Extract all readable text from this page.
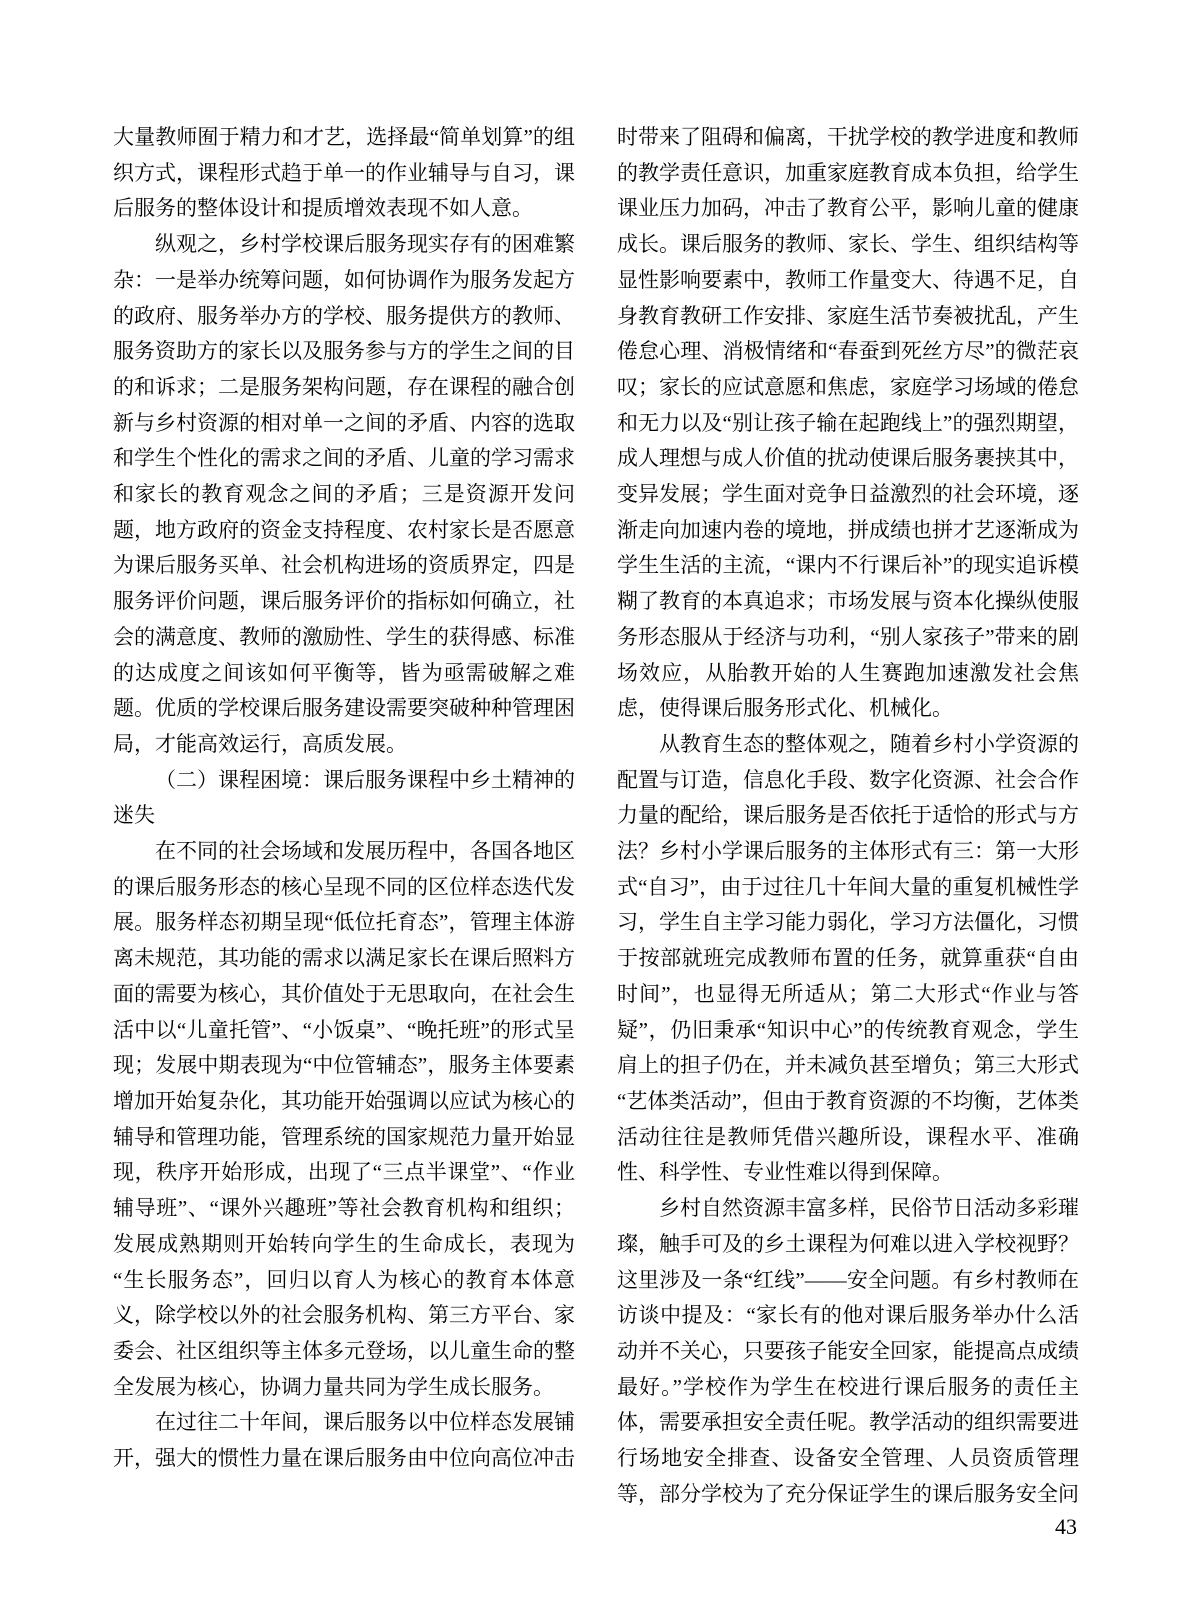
大量教师囿于精力和才艺，选择最“简单划算”的组织方式，课程形式趋于单一的作业辅导与自习，课后服务的整体设计和提质增效表现不如人意。

纵观之，乡村学校课后服务现实存有的困难繁杂：一是举办统筹问题，如何协调作为服务发起方的政府、服务举办方的学校、服务提供方的教师、服务资助方的家长以及服务参与方的学生之间的目的和诉求；二是服务架构问题，存在课程的融合创新与乡村资源的相对单一之间的矛盾、内容的选取和学生个性化的需求之间的矛盾、儿童的学习需求和家长的教育观念之间的矛盾；三是资源开发问题，地方政府的资金支持程度、农村家长是否愿意为课后服务买单、社会机构进场的资质界定，四是服务评价问题，课后服务评价的指标如何确立，社会的满意度、教师的激励性、学生的获得感、标准的达成度之间该如何平衡等，皆为亟需破解之难题。优质的学校课后服务建设需要突破种种管理困局，才能高效运行，高质发展。

（二）课程困境：课后服务课程中乡土精神的迷失

在不同的社会场域和发展历程中，各国各地区的课后服务形态的核心呈现不同的区位样态迭代发展。服务样态初期呈现“低位托育态”，管理主体游离未规范，其功能的需求以满足家长在课后照料方面的需要为核心，其价值处于无思取向，在社会生活中以“儿童托管”、“小饭桌”、“晚托班”的形式呈现；发展中期表现为“中位管辅态”，服务主体要素增加开始复杂化，其功能开始强调以应试为核心的辅导和管理功能，管理系统的国家规范力量开始显现，秩序开始形成，出现了“三点半课堂”、“作业辅导班”、“课外兴趣班”等社会教育机构和组织；发展成熟期则开始转向学生的生命成长，表现为“生长服务态”，回归以育人为核心的教育本体意义，除学校以外的社会服务机构、第三方平台、家委会、社区组织等主体多元登场，以儿童生命的整全发展为核心，协调力量共同为学生成长服务。

在过往二十年间，课后服务以中位样态发展铺开，强大的惯性力量在课后服务由中位向高位冲击

时带来了阻碍和偏离，干扰学校的教学进度和教师的教学责任意识，加重家庭教育成本负担，给学生课业压力加码，冲击了教育公平，影响儿童的健康成长。课后服务的教师、家长、学生、组织结构等显性影响要素中，教师工作量变大、待遇不足，自身教育教研工作安排、家庭生活节奏被扰乱，产生倦怠心理、消极情绪和“春蚕到死丝方尽”的微茫哀叹；家长的应试意愿和焦虑，家庭学习场域的倦怠和无力以及“别让孩子输在起跑线上”的强烈期望，成人理想与成人价值的扰动使课后服务裹挟其中，变异发展；学生面对竞争日益激烈的社会环境，逐渐走向加速内卷的境地，拼成绩也拼才艺逐渐成为学生生活的主流，“课内不行课后补”的现实追诉模糊了教育的本真追求；市场发展与资本化操纵使服务形态服从于经济与功利，“别人家孩子”带来的剧场效应，从胎教开始的人生赛跑加速激发社会焦虑，使得课后服务形式化、机械化。

从教育生态的整体观之，随着乡村小学资源的配置与订造，信息化手段、数字化资源、社会合作力量的配给，课后服务是否依托于适恰的形式与方法？乡村小学课后服务的主体形式有三：第一大形式“自习”，由于过往几十年间大量的重复机械性学习，学生自主学习能力弱化，学习方法僵化，习惯于按部就班完成教师布置的任务，就算重获“自由时间”，也显得无所适从；第二大形式“作业与答疑”，仍旧秉承“知识中心”的传统教育观念，学生肩上的担子仍在，并未减负甚至增负；第三大形式“艺体类活动”，但由于教育资源的不均衡，艺体类活动往往是教师凭借兴趣所设，课程水平、准确性、科学性、专业性难以得到保障。

乡村自然资源丰富多样，民俗节日活动多彩璀璨，触手可及的乡土课程为何难以进入学校视野？这里涉及一条“红线”——安全问题。有乡村教师在访谈中提及：“家长有的他对课后服务举办什么活动并不关心，只要孩子能安全回家，能提高点成绩最好。”学校作为学生在校进行课后服务的责任主体，需要承担安全责任呢。教学活动的组织需要进行场地安全排查、设备安全管理、人员资质管理等，部分学校为了充分保证学生的课后服务安全问

43
